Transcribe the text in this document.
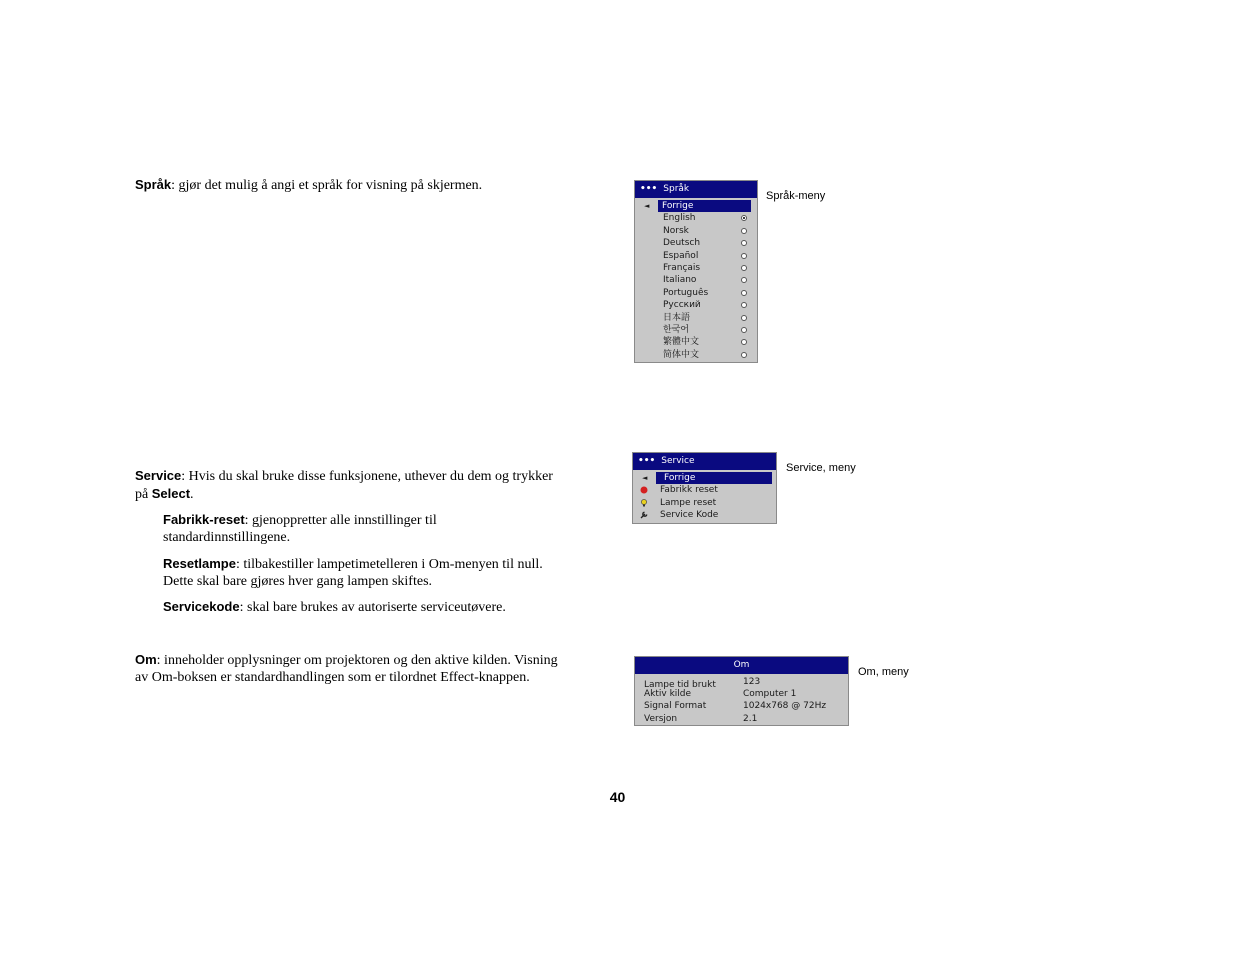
Språk: gjør det mulig å angi et språk for visning på skjermen.	••• Språk
◄	Forrige
English
Norsk
Deutsch
Español
Français
Italiano
Português
Русский
日本語
한국어
繁體中文
简体中文
Språk-meny
Service: Hvis du skal bruke disse funksjonene, uthever du dem og trykker
på Select.
Fabrikk-reset: gjenoppretter alle innstillinger til
standardinnstillingene.
Resetlampe: tilbakestiller lampetimetelleren i Om-menyen til null.
Dette skal bare gjøres hver gang lampen skiftes.
Servicekode: skal bare brukes av autoriserte serviceutøvere.
••• Service
◄	Forrige
Fabrikk reset
Lampe reset
Service Kode
Service, meny
Om: inneholder opplysninger om projektoren og den aktive kilden. Visning
av Om-boksen er standardhandlingen som er tilordnet Effect-knappen.
Om
Lampe tid brukt	123
Aktiv kilde	Computer 1
Signal Format	1024x768 @ 72Hz
Versjon	2.1
Om, meny
40
